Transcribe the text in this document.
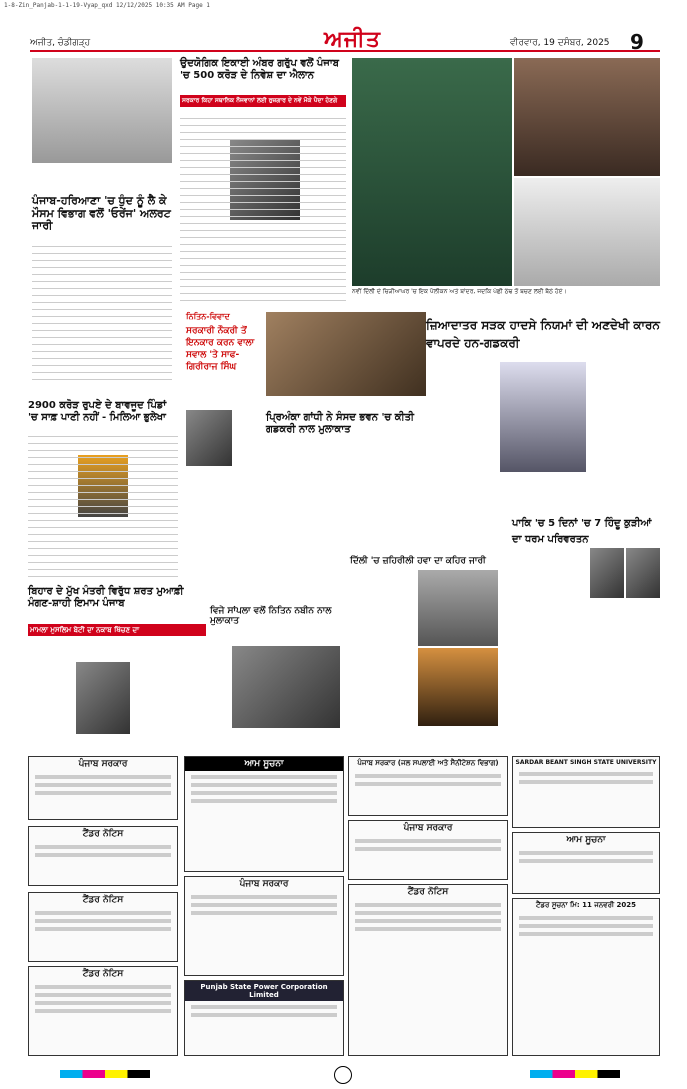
1-8-Zin_Panjab-1-1-19-Vyap_qxd 12/12/2025 10:35 AM Page 1
ਅਜੀਤ, ਚੰਡੀਗੜ੍ਹ	ਅਜੀਤ	ਵੀਰਵਾਰ, 19 ਦਸੰਬਰ, 2025 9
ਪੰਜਾਬ-ਹਰਿਆਣਾ 'ਚ ਧੁੰਦ ਨੂੰ ਲੈ ਕੇ ਮੌਸਮ ਵਿਭਾਗ ਵਲੋਂ 'ਓਰੇਂਜ' ਅਲਰਟ ਜਾਰੀ
ਉਦਯੋਗਿਕ ਇਕਾਈ ਅੰਬਰ ਗਰੁੱਪ ਵਲੋਂ ਪੰਜਾਬ 'ਚ 500 ਕਰੋੜ ਦੇ ਨਿਵੇਸ਼ ਦਾ ਐਲਾਨ
ਸਰਕਾਰ ਕਿਹਾ ਸਥਾਨਿਕ ਨੌਜਵਾਨਾਂ ਲਈ ਰੁਜ਼ਗਾਰ ਦੇ ਨਵੇਂ ਮੌਕੇ ਪੈਦਾ ਹੋਣਗੇ
ਨਵੀਂ ਦਿੱਲੀ ਦੇ ਚਿੜੀਆਘਰ 'ਚ ਇਕ ਪੈਲੀਕਨ ਅਤੇ ਬਾਂਦਰ, ਜਦਕਿ ਪੰਛੀ ਠੰਢ ਤੋਂ ਬਚਣ ਲਈ ਬੈਠੇ ਹੋਏ।
2900 ਕਰੋੜ ਰੁਪਏ ਦੇ ਬਾਵਜੂਦ ਪਿੰਡਾਂ 'ਚ ਸਾਫ਼ ਪਾਣੀ ਨਹੀਂ - ਮਿਲਿਆ ਭੁਲੇਖਾ
ਨਿਤਿਨ-ਵਿਵਾਦ
ਸਰਕਾਰੀ ਨੌਕਰੀ ਤੋਂ ਇਨਕਾਰ ਕਰਨ ਵਾਲਾ ਸਵਾਲ 'ਤੇ ਸਾਫ-ਗਿਰੀਰਾਜ ਸਿੰਘ
ਪ੍ਰਿਅੰਕਾ ਗਾਂਧੀ ਨੇ ਸੰਸਦ ਭਵਨ 'ਚ ਕੀਤੀ ਗਡਕਰੀ ਨਾਲ ਮੁਲਾਕਾਤ
ਜ਼ਿਆਦਾਤਰ ਸੜਕ ਹਾਦਸੇ ਨਿਯਮਾਂ ਦੀ ਅਣਦੇਖੀ ਕਾਰਨ ਵਾਪਰਦੇ ਹਨ-ਗਡਕਰੀ
ਪਾਕਿ 'ਚ 5 ਦਿਨਾਂ 'ਚ 7 ਹਿੰਦੂ ਕੁੜੀਆਂ ਦਾ ਧਰਮ ਪਰਿਵਰਤਨ
ਬਿਹਾਰ ਦੇ ਮੁੱਖ ਮੰਤਰੀ ਵਿਰੁੱਧ ਸ਼ਰਤ ਮੁਆਫ਼ੀ ਮੰਗਣ-ਸ਼ਾਹੀ ਇਮਾਮ ਪੰਜਾਬ
ਮਾਮਲਾ ਮੁਸਲਿਮ ਬੇਟੀ ਦਾ ਨਕਾਬ ਖਿੱਚਣ ਦਾ
ਵਿਜੇ ਸਾਂਪਲਾ ਵਲੋਂ ਨਿਤਿਨ ਨਬੀਨ ਨਾਲ ਮੁਲਾਕਾਤ
ਦਿੱਲੀ 'ਚ ਜ਼ਹਿਰੀਲੀ ਹਵਾ ਦਾ ਕਹਿਰ ਜਾਰੀ
ਪੰਜਾਬ ਸਰਕਾਰ
ਟੈਂਡਰ ਨੋਟਿਸ
ਟੈਂਡਰ ਨੋਟਿਸ
ਟੈਂਡਰ ਨੋਟਿਸ
ਆਮ ਸੂਚਨਾ
ਪੰਜਾਬ ਸਰਕਾਰ
Punjab State Power Corporation Limited
ਪੰਜਾਬ ਸਰਕਾਰ (ਜਲ ਸਪਲਾਈ ਅਤੇ ਸੈਨੀਟੇਸ਼ਨ ਵਿਭਾਗ)
ਪੰਜਾਬ ਸਰਕਾਰ
ਟੈਂਡਰ ਨੋਟਿਸ
SARDAR BEANT SINGH STATE UNIVERSITY
ਆਮ ਸੂਚਨਾ
ਟੈਂਡਰ ਸੂਚਨਾ ਮਿ: 11 ਜਨਵਰੀ 2025
